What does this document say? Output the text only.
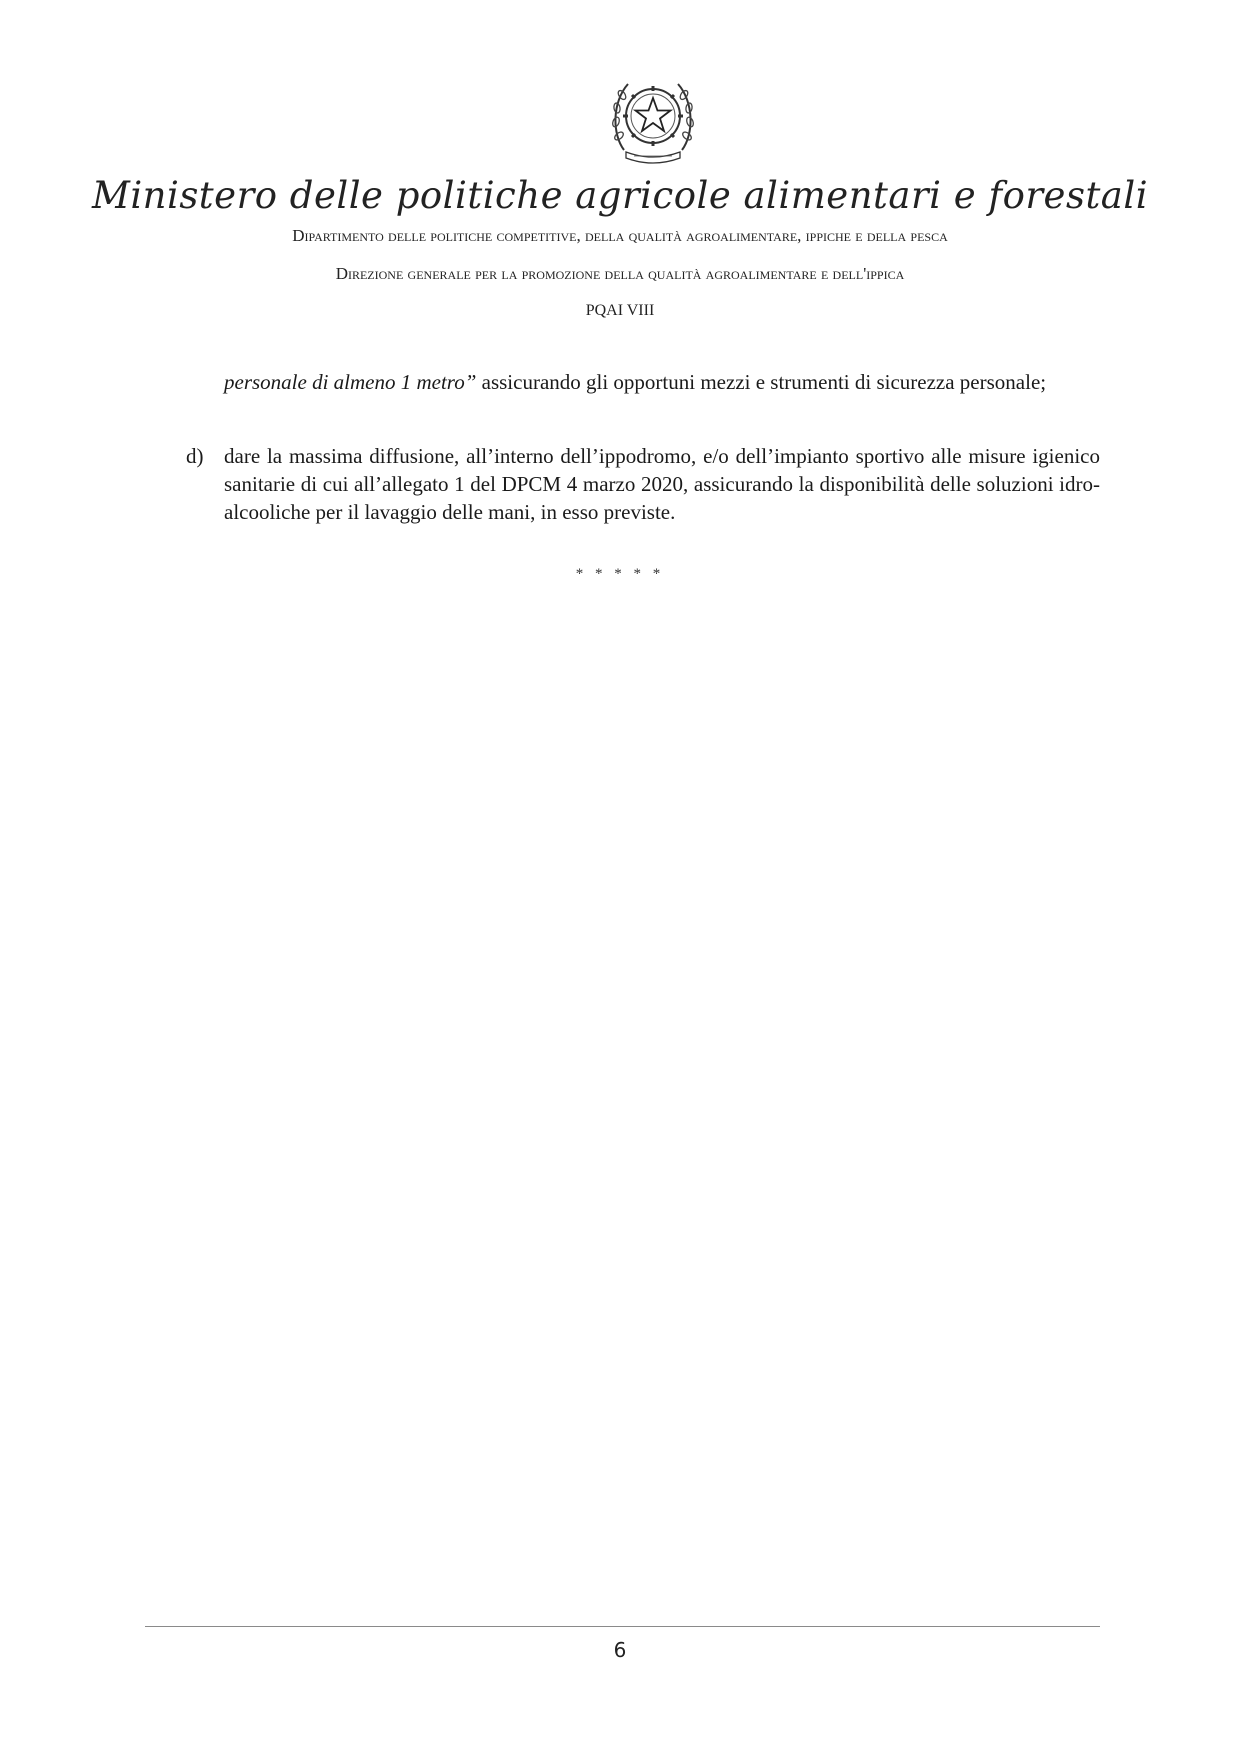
Ministero delle politiche agricole alimentari e forestali
Dipartimento delle politiche competitive, della qualità agroalimentare, ippiche e della pesca
Direzione generale per la promozione della qualità agroalimentare e dell'ippica
PQAI VIII
personale di almeno 1 metro” assicurando gli opportuni mezzi e strumenti di sicurezza personale;
d) dare la massima diffusione, all’interno dell’ippodromo, e/o dell’impianto sportivo alle misure igienico sanitarie di cui all’allegato 1 del DPCM 4 marzo 2020, assicurando la disponibilità delle soluzioni idro-alcooliche per il lavaggio delle mani, in esso previste.
* * * * *
6
